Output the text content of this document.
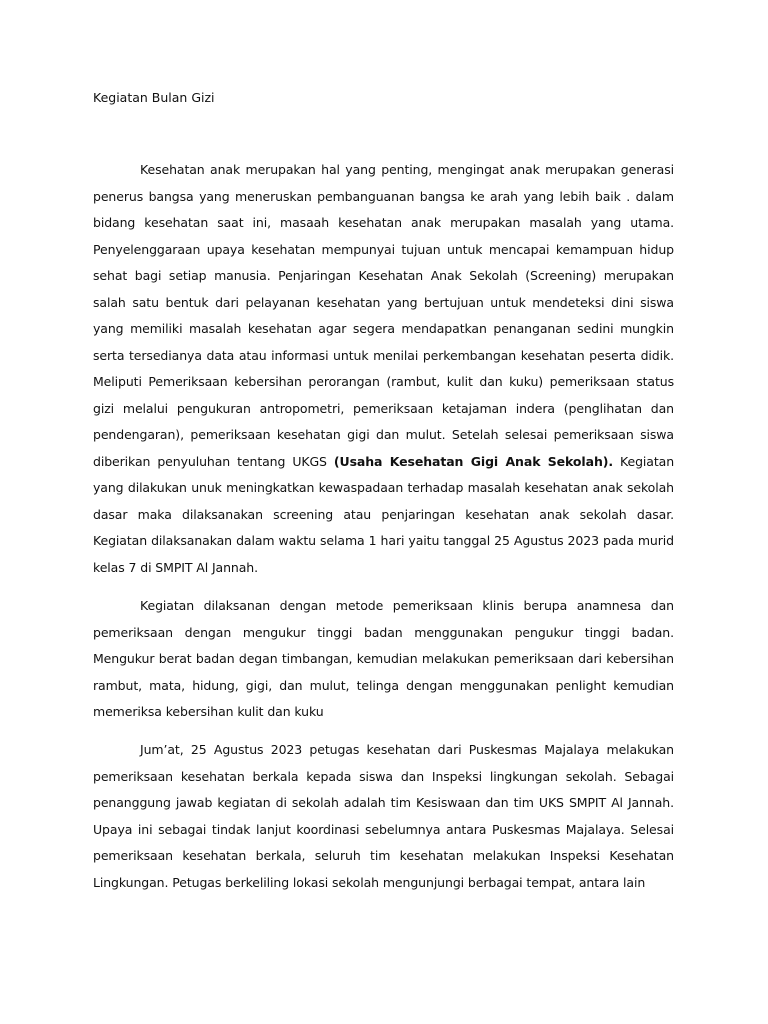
Kegiatan Bulan Gizi

Kesehatan anak merupakan hal yang penting, mengingat anak merupakan generasi penerus bangsa yang meneruskan pembanguanan bangsa ke arah yang lebih baik . dalam bidang kesehatan saat ini, masaah kesehatan anak merupakan masalah yang utama. Penyelenggaraan upaya kesehatan mempunyai tujuan untuk mencapai kemampuan hidup sehat bagi setiap manusia. Penjaringan Kesehatan Anak Sekolah (Screening) merupakan salah satu bentuk dari pelayanan kesehatan yang bertujuan untuk mendeteksi dini siswa yang memiliki masalah kesehatan agar segera mendapatkan penanganan sedini mungkin serta tersedianya data atau informasi untuk menilai perkembangan kesehatan peserta didik. Meliputi Pemeriksaan kebersihan perorangan (rambut, kulit dan kuku) pemeriksaan status gizi melalui pengukuran antropometri, pemeriksaan ketajaman indera (penglihatan dan pendengaran), pemeriksaan kesehatan gigi dan mulut. Setelah selesai pemeriksaan siswa diberikan penyuluhan tentang UKGS (Usaha Kesehatan Gigi Anak Sekolah). Kegiatan yang dilakukan unuk meningkatkan kewaspadaan terhadap masalah kesehatan anak sekolah dasar maka dilaksanakan screening atau penjaringan kesehatan anak sekolah dasar. Kegiatan dilaksanakan dalam waktu selama 1 hari yaitu tanggal 25 Agustus 2023 pada murid kelas 7 di SMPIT Al Jannah.

Kegiatan dilaksanan dengan metode pemeriksaan klinis berupa anamnesa dan pemeriksaan dengan mengukur tinggi badan menggunakan pengukur tinggi badan. Mengukur berat badan degan timbangan, kemudian melakukan pemeriksaan dari kebersihan rambut, mata, hidung, gigi, dan mulut, telinga dengan menggunakan penlight kemudian memeriksa kebersihan kulit dan kuku

Jum’at, 25 Agustus 2023 petugas kesehatan dari Puskesmas Majalaya melakukan pemeriksaan kesehatan berkala kepada siswa dan Inspeksi lingkungan sekolah. Sebagai penanggung jawab kegiatan di sekolah adalah tim Kesiswaan dan tim UKS SMPIT Al Jannah. Upaya ini sebagai tindak lanjut koordinasi sebelumnya antara Puskesmas Majalaya. Selesai pemeriksaan kesehatan berkala, seluruh tim kesehatan melakukan Inspeksi Kesehatan Lingkungan. Petugas berkeliling lokasi sekolah mengunjungi berbagai tempat, antara lain
